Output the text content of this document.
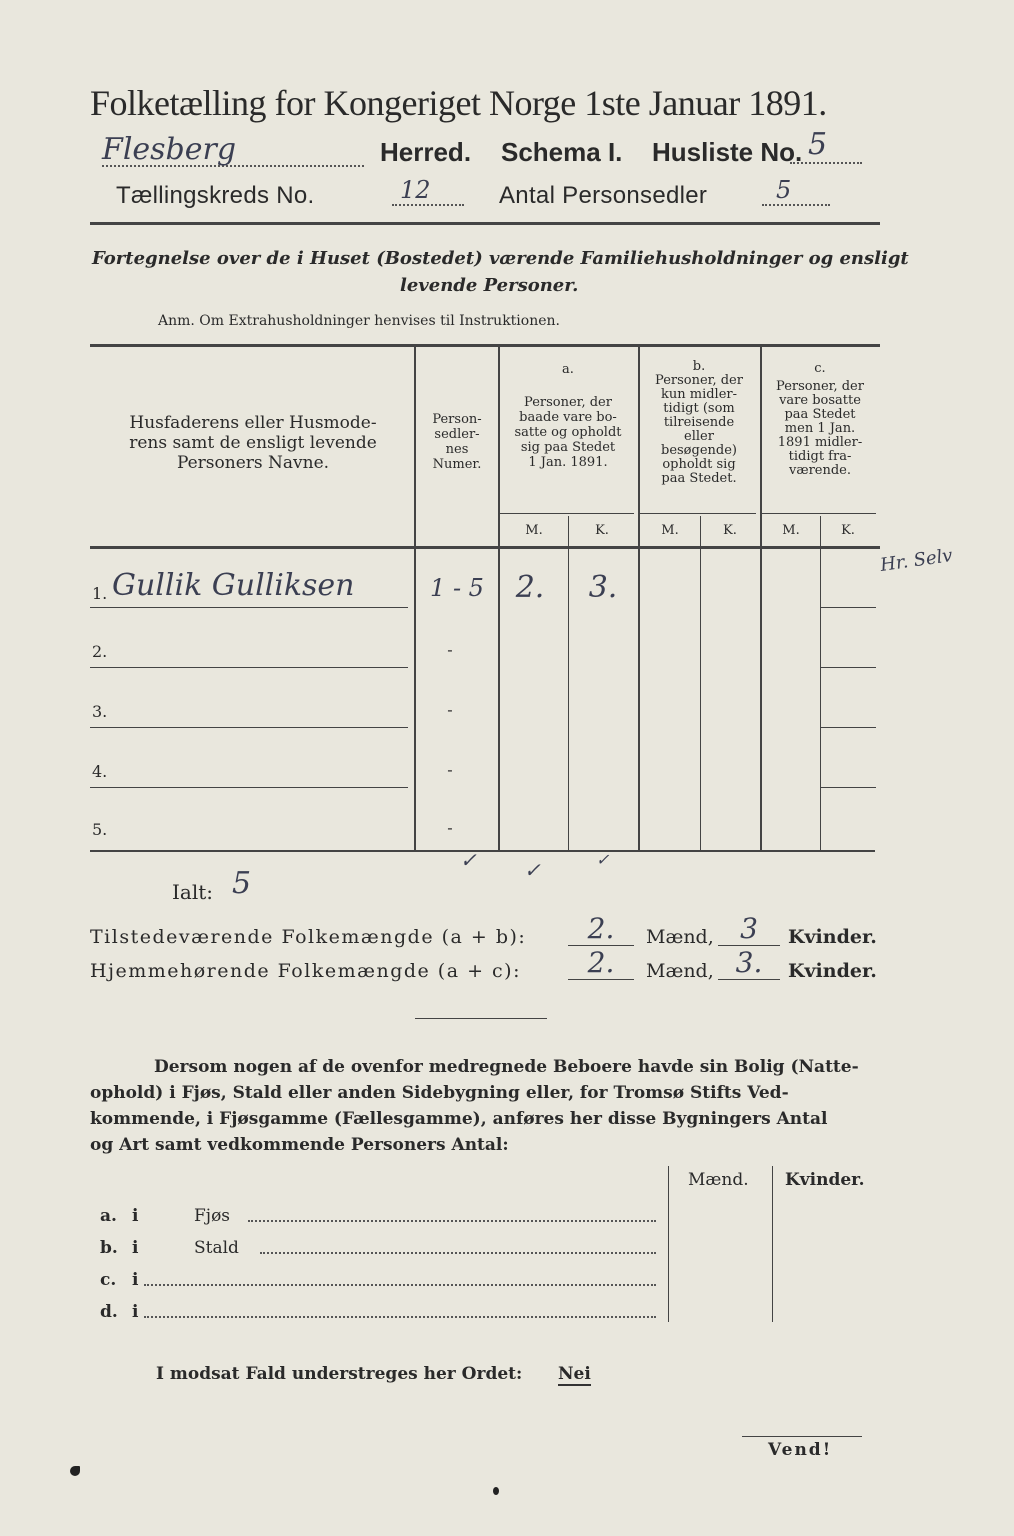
Folketælling for Kongeriget Norge 1ste Januar 1891.
Flesberg	Herred. Schema I. Husliste No. 5
Tællingskreds No.	12	Antal Personsedler	5
Fortegnelse over de i Huset (Bostedet) værende Familiehusholdninger og ensligt
levende Personer.
Anm. Om Extrahusholdninger henvises til Instruktionen.
Husfaderens eller Husmode-
rens samt de ensligt levende
Personers Navne.
Person-
sedler-
nes
Numer.
a.
Personer, der
baade vare bo-
satte og opholdt
sig paa Stedet
1 Jan. 1891.
b.
Personer, der
kun midler-
tidigt (som
tilreisende
eller
besøgende)
opholdt sig
paa Stedet.
c.
Personer, der
vare bosatte
paa Stedet
men 1 Jan.
1891 midler-
tidigt fra-
værende.
M.	K.	M.	K.	M.	K.
Hr. Selv
1. Gullik Gulliksen	1 - 5	2.	3.
2.	-
3.	-
4.	-
5.	-
✓ ✓	✓
Ialt: 5
Tilstedeværende Folkemængde (a + b):	2.	Mænd, 3	Kvinder.
Hjemmehørende Folkemængde (a + c):	2.	Mænd, 3.	Kvinder.
Dersom nogen af de ovenfor medregnede Beboere havde sin Bolig (Natte-
ophold) i Fjøs, Stald eller anden Sidebygning eller, for Tromsø Stifts Ved-
kommende, i Fjøsgamme (Fællesgamme), anføres her disse Bygningers Antal
og Art samt vedkommende Personers Antal:
Mænd. Kvinder.
a. i	Fjøs
b. i	Stald
c. i
d. i
I modsat Fald understreges her Ordet: Nei
Vend!
